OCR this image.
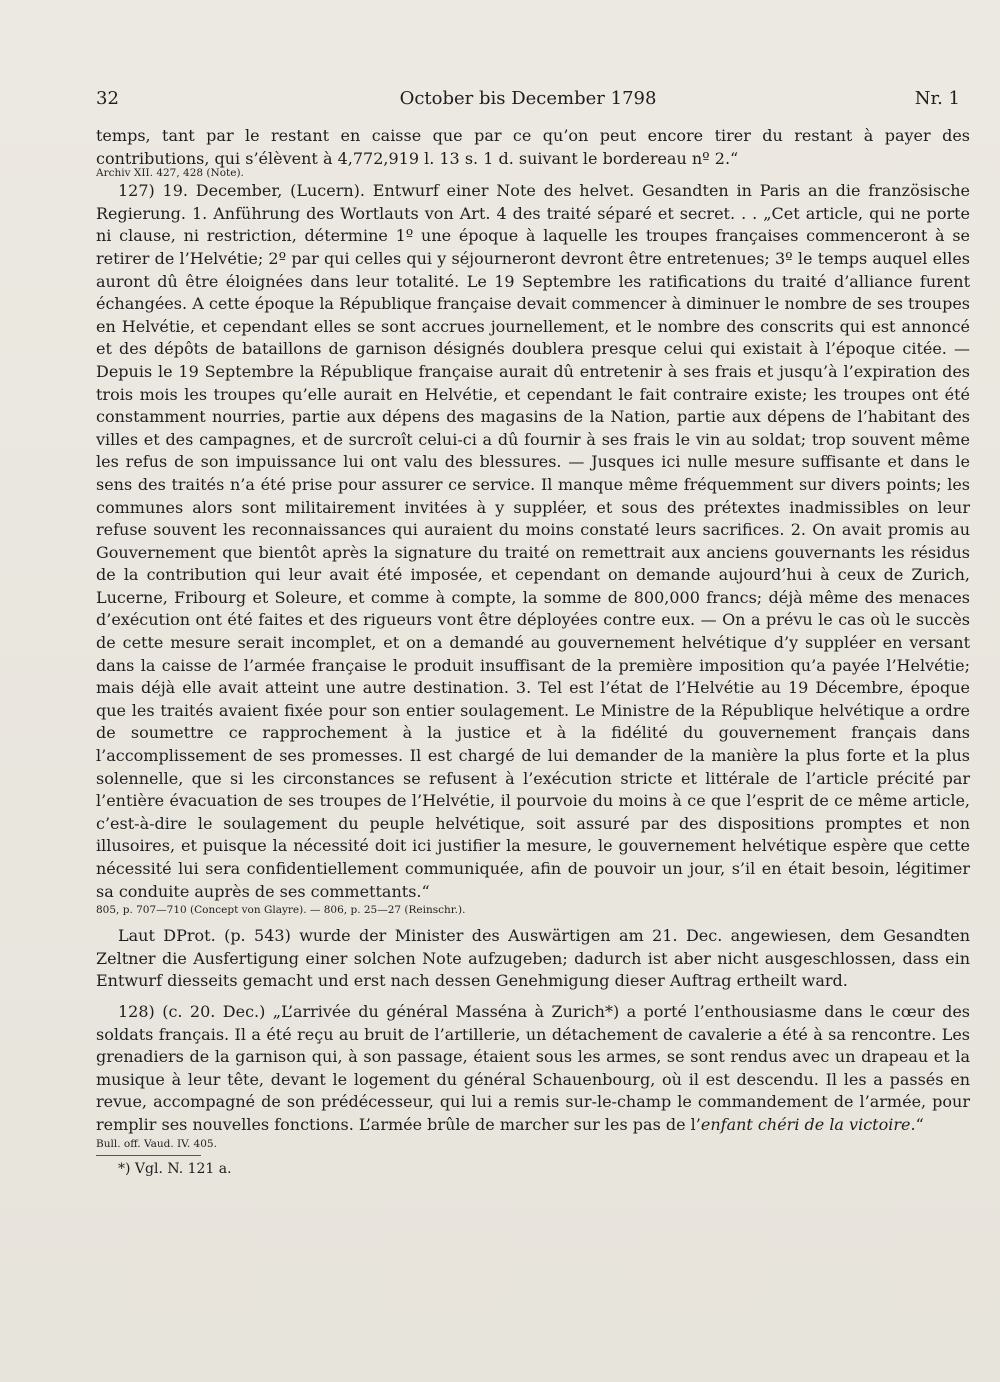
32	October bis December 1798	Nr. 1

temps, tant par le restant en caisse que par ce qu’on peut encore tirer du restant à payer des contributions, qui s’élèvent à 4,772,919 l. 13 s. 1 d. suivant le bordereau nº 2.“

Archiv XII. 427, 428 (Note).

127) 19. December, (Lucern). Entwurf einer Note des helvet. Gesandten in Paris an die französische Regierung. 1. Anführung des Wortlauts von Art. 4 des traité séparé et secret. . . „Cet article, qui ne porte ni clause, ni restriction, détermine 1º une époque à laquelle les troupes françaises commenceront à se retirer de l’Helvétie; 2º par qui celles qui y séjourneront devront être entretenues; 3º le temps auquel elles auront dû être éloignées dans leur totalité. Le 19 Septembre les ratifications du traité d’alliance furent échangées. A cette époque la République française devait commencer à diminuer le nombre de ses troupes en Helvétie, et cependant elles se sont accrues journellement, et le nombre des conscrits qui est annoncé et des dépôts de bataillons de garnison désignés doublera presque celui qui existait à l’époque citée. — Depuis le 19 Septembre la République française aurait dû entretenir à ses frais et jusqu’à l’expiration des trois mois les troupes qu’elle aurait en Helvétie, et cependant le fait contraire existe; les troupes ont été constamment nourries, partie aux dépens des magasins de la Nation, partie aux dépens de l’habitant des villes et des campagnes, et de surcroît celui-ci a dû fournir à ses frais le vin au soldat; trop souvent même les refus de son impuissance lui ont valu des blessures. — Jusques ici nulle mesure suffisante et dans le sens des traités n’a été prise pour assurer ce service. Il manque même fréquemment sur divers points; les communes alors sont militairement invitées à y suppléer, et sous des prétextes inadmissibles on leur refuse souvent les reconnaissances qui auraient du moins constaté leurs sacrifices. 2. On avait promis au Gouvernement que bientôt après la signature du traité on remettrait aux anciens gouvernants les résidus de la contribution qui leur avait été imposée, et cependant on demande aujourd’hui à ceux de Zurich, Lucerne, Fribourg et Soleure, et comme à compte, la somme de 800,000 francs; déjà même des menaces d’exécution ont été faites et des rigueurs vont être déployées contre eux. — On a prévu le cas où le succès de cette mesure serait incomplet, et on a demandé au gouvernement helvétique d’y suppléer en versant dans la caisse de l’armée française le produit insuffisant de la première imposition qu’a payée l’Helvétie; mais déjà elle avait atteint une autre destination. 3. Tel est l’état de l’Helvétie au 19 Décembre, époque que les traités avaient fixée pour son entier soulagement. Le Ministre de la République helvétique a ordre de soumettre ce rapprochement à la justice et à la fidélité du gouvernement français dans l’accomplissement de ses promesses. Il est chargé de lui demander de la manière la plus forte et la plus solennelle, que si les circonstances se refusent à l’exécution stricte et littérale de l’article précité par l’entière évacuation de ses troupes de l’Helvétie, il pourvoie du moins à ce que l’esprit de ce même article, c’est-à-dire le soulagement du peuple helvétique, soit assuré par des dispositions promptes et non illusoires, et puisque la nécessité doit ici justifier la mesure, le gouvernement helvétique espère que cette nécessité lui sera confidentiellement communiquée, afin de pouvoir un jour, s’il en était besoin, légitimer sa conduite auprès de ses commettants.“

805, p. 707—710 (Concept von Glayre). — 806, p. 25—27 (Reinschr.).

Laut DProt. (p. 543) wurde der Minister des Auswärtigen am 21. Dec. angewiesen, dem Gesandten Zeltner die Ausfertigung einer solchen Note aufzugeben; dadurch ist aber nicht ausgeschlossen, dass ein Entwurf diesseits gemacht und erst nach dessen Genehmigung dieser Auftrag ertheilt ward.

128) (c. 20. Dec.) „L’arrivée du général Masséna à Zurich*) a porté l’enthousiasme dans le cœur des soldats français. Il a été reçu au bruit de l’artillerie, un détachement de cavalerie a été à sa rencontre. Les grenadiers de la garnison qui, à son passage, étaient sous les armes, se sont rendus avec un drapeau et la musique à leur tête, devant le logement du général Schauenbourg, où il est descendu. Il les a passés en revue, accompagné de son prédécesseur, qui lui a remis sur-le-champ le commandement de l’armée, pour remplir ses nouvelles fonctions. L’armée brûle de marcher sur les pas de l’enfant chéri de la victoire.“

Bull. off. Vaud. IV. 405.

*) Vgl. N. 121 a.
